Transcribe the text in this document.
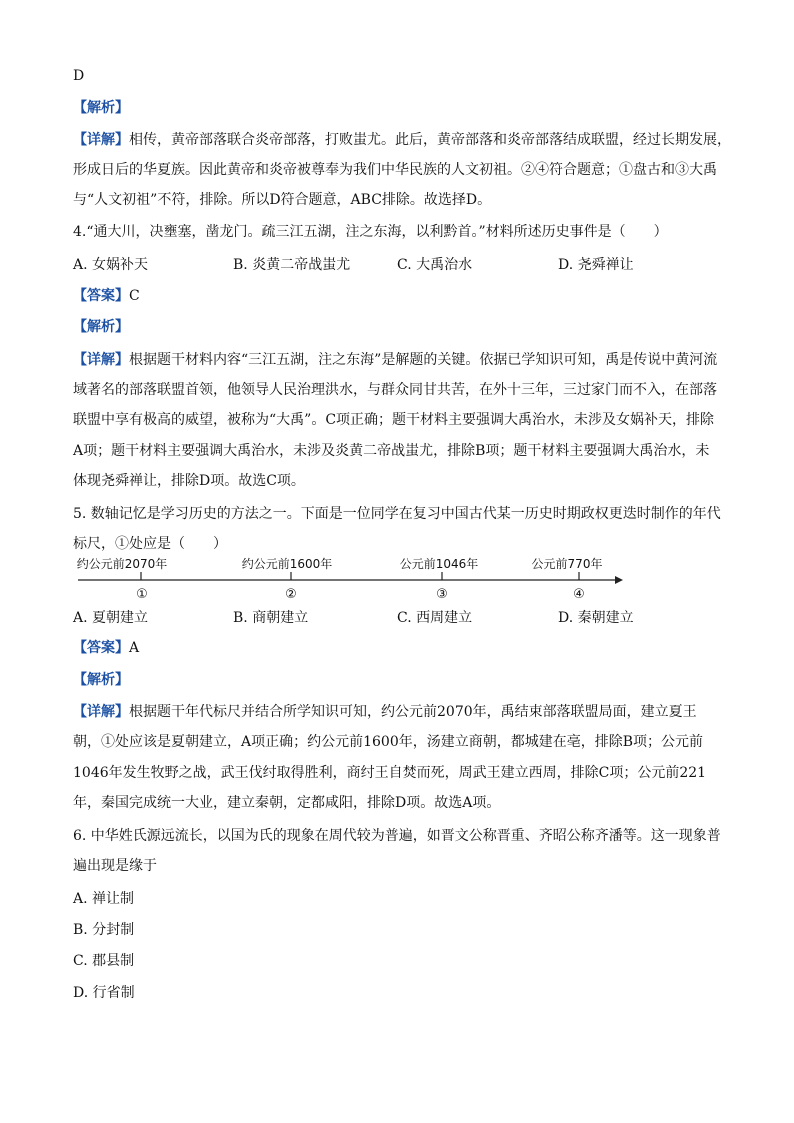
D
【解析】
【详解】相传，黄帝部落联合炎帝部落，打败蚩尤。此后，黄帝部落和炎帝部落结成联盟，经过长期发展，
形成日后的华夏族。因此黄帝和炎帝被尊奉为我们中华民族的人文初祖。②④符合题意；①盘古和③大禹
与“人文初祖”不符，排除。所以D符合题意，ABC排除。故选择D。
4.“通大川，决壅塞，凿龙门。疏三江五湖，注之东海，以利黔首。”材料所述历史事件是（　　）
A. 女娲补天	B. 炎黄二帝战蚩尤	C. 大禹治水	D. 尧舜禅让
【答案】C
【解析】
【详解】根据题干材料内容“三江五湖，注之东海”是解题的关键。依据已学知识可知，禹是传说中黄河流
域著名的部落联盟首领，他领导人民治理洪水，与群众同甘共苦，在外十三年，三过家门而不入，在部落
联盟中享有极高的威望，被称为“大禹”。C项正确；题干材料主要强调大禹治水，未涉及女娲补天，排除
A项；题干材料主要强调大禹治水，未涉及炎黄二帝战蚩尤，排除B项；题干材料主要强调大禹治水，未
体现尧舜禅让，排除D项。故选C项。
5. 数轴记忆是学习历史的方法之一。下面是一位同学在复习中国古代某一历史时期政权更迭时制作的年代
标尺，①处应是（　　）
约公元前2070年	约公元前1600年	公元前1046年	公元前770年
①	②	③	④
A. 夏朝建立	B. 商朝建立	C. 西周建立	D. 秦朝建立
【答案】A
【解析】
【详解】根据题干年代标尺并结合所学知识可知，约公元前2070年，禹结束部落联盟局面，建立夏王
朝，①处应该是夏朝建立，A项正确；约公元前1600年，汤建立商朝，都城建在亳，排除B项；公元前
1046年发生牧野之战，武王伐纣取得胜利，商纣王自焚而死，周武王建立西周，排除C项；公元前221
年，秦国完成统一大业，建立秦朝，定都咸阳，排除D项。故选A项。
6. 中华姓氏源远流长，以国为氏的现象在周代较为普遍，如晋文公称晋重、齐昭公称齐潘等。这一现象普
遍出现是缘于
A. 禅让制
B. 分封制
C. 郡县制
D. 行省制
